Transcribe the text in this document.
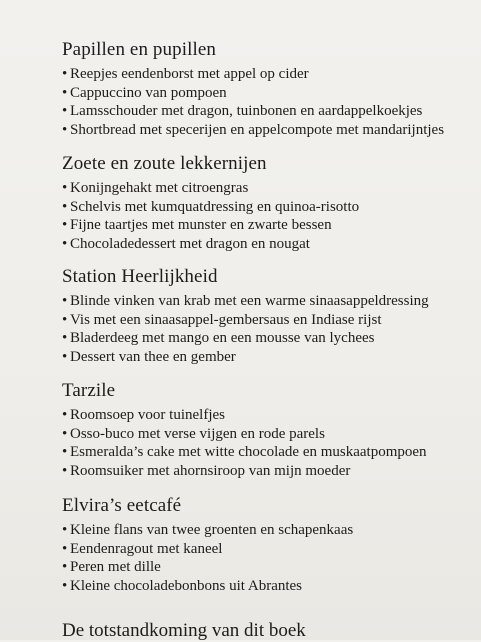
Papillen en pupillen
• Reepjes eendenborst met appel op cider
• Cappuccino van pompoen
• Lamsschouder met dragon, tuinbonen en aardappelkoekjes
• Shortbread met specerijen en appelcompote met mandarijntjes
Zoete en zoute lekkernijen
• Konijngehakt met citroengras
• Schelvis met kumquatdressing en quinoa-risotto
• Fijne taartjes met munster en zwarte bessen
• Chocoladedessert met dragon en nougat
Station Heerlijkheid
• Blinde vinken van krab met een warme sinaasappeldressing
• Vis met een sinaasappel-gembersaus en Indiase rijst
• Bladerdeeg met mango en een mousse van lychees
• Dessert van thee en gember
Tarzile
• Roomsoep voor tuinelfjes
• Osso-buco met verse vijgen en rode parels
• Esmeralda’s cake met witte chocolade en muskaatpompoen
• Roomsuiker met ahornsiroop van mijn moeder
Elvira’s eetcafé
• Kleine flans van twee groenten en schapenkaas
• Eendenragout met kaneel
• Peren met dille
• Kleine chocoladebonbons uit Abrantes
De totstandkoming van dit boek
